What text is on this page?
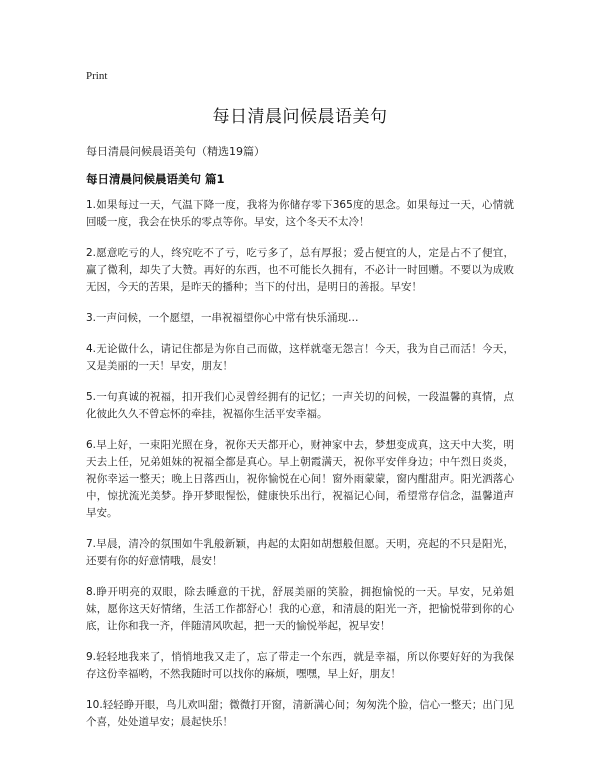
Print
每日清晨问候晨语美句

每日清晨问候晨语美句（精选19篇）

每日清晨问候晨语美句 篇1

1.如果每过一天，气温下降一度，我将为你储存零下365度的思念。如果每过一天，心情就回暖一度，我会在快乐的零点等你。早安，这个冬天不太冷！

2.愿意吃亏的人，终究吃不了亏，吃亏多了，总有厚报；爱占便宜的人，定是占不了便宜，赢了微利，却失了大赞。再好的东西，也不可能长久拥有，不必计一时回赠。不要以为成败无因，今天的苦果，是昨天的播种；当下的付出，是明日的善报。早安！

3.一声问候，一个愿望，一串祝福望你心中常有快乐涌现…

4.无论做什么，请记住都是为你自己而做，这样就毫无怨言！今天，我为自己而活！今天，又是美丽的一天！早安，朋友！

5.一句真诚的祝福，扣开我们心灵曾经拥有的记忆；一声关切的问候，一段温馨的真情，点化彼此久久不曾忘怀的牵挂，祝福你生活平安幸福。

6.早上好，一束阳光照在身，祝你天天都开心，财神家中去，梦想变成真，这天中大奖，明天去上任，兄弟姐妹的祝福全都是真心。早上朝霞满天，祝你平安伴身边；中午烈日炎炎，祝你幸运一整天；晚上日落西山，祝你愉悦在心间！窗外雨蒙蒙，窗内酣甜声。阳光洒落心中，惊扰流光美梦。挣开梦眼惺忪，健康快乐出行，祝福记心间，希望常存信念，温馨道声早安。

7.早晨，清冷的氛围如牛乳般新颖，冉起的太阳如胡想般但愿。天明，亮起的不只是阳光，还要有你的好意情哦，晨安！

8.睁开明亮的双眼，除去睡意的干扰，舒展美丽的笑脸，拥抱愉悦的一天。早安，兄弟姐妹，愿你这天好情绪，生活工作都舒心！我的心意，和清晨的阳光一齐，把愉悦带到你的心底，让你和我一齐，伴随清风吹起，把一天的愉悦举起，祝早安！

9.轻轻地我来了，悄悄地我又走了，忘了带走一个东西，就是幸福，所以你要好好的为我保存这份幸福哟，不然我随时可以找你的麻烦，嘿嘿，早上好，朋友！

10.轻轻睁开眼，鸟儿欢叫甜；微微打开窗，清新满心间；匆匆洗个脸，信心一整天；出门见个喜，处处道早安；晨起快乐！
